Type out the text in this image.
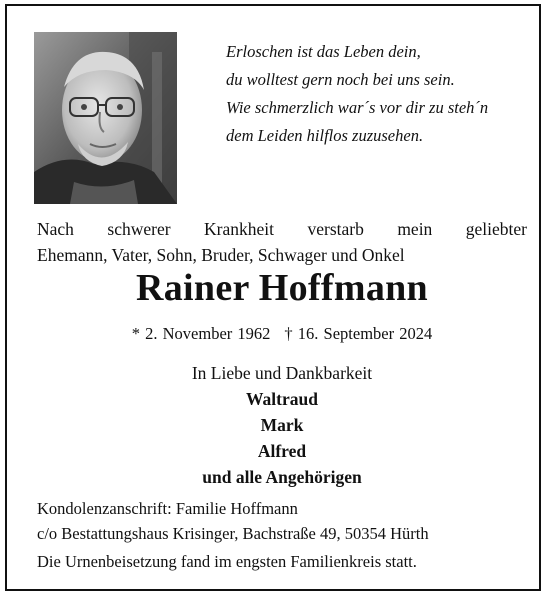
Erloschen ist das Leben dein,
du wolltest gern noch bei uns sein.
Wie schmerzlich war´s vor dir zu steh´n
dem Leiden hilflos zuzusehen.
Nach schwerer Krankheit verstarb mein geliebter
Ehemann, Vater, Sohn, Bruder, Schwager und Onkel
Rainer Hoffmann
* 2. November 1962 † 16. September 2024
In Liebe und Dankbarkeit
Waltraud
Mark
Alfred
und alle Angehörigen
Kondolenzanschrift: Familie Hoffmann
c/o Bestattungshaus Krisinger, Bachstraße 49, 50354 Hürth
Die Urnenbeisetzung fand im engsten Familienkreis statt.
